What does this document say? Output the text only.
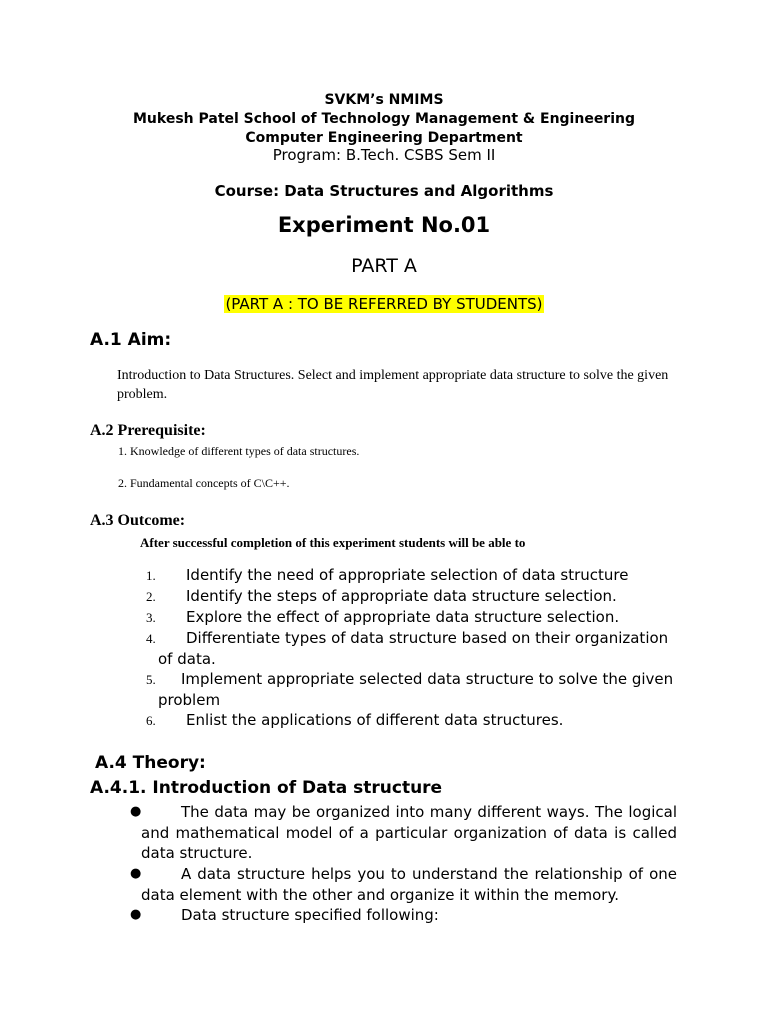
SVKM’s NMIMS
Mukesh Patel School of Technology Management & Engineering
Computer Engineering Department
Program: B.Tech. CSBS Sem II
Course: Data Structures and Algorithms
Experiment No.01
PART A
(PART A : TO BE REFERRED BY STUDENTS)
A.1 Aim:
Introduction to Data Structures. Select and implement appropriate data structure to solve the given problem.
A.2 Prerequisite:
1. Knowledge of different types of data structures.
2. Fundamental concepts of C\C++.
A.3 Outcome:
After successful completion of this experiment students will be able to
1. Identify the need of appropriate selection of data structure
2. Identify the steps of appropriate data structure selection.
3. Explore the effect of appropriate data structure selection.
4. Differentiate types of data structure based on their organization
of data.
5. Implement appropriate selected data structure to solve the given
problem
6. Enlist the applications of different data structures.
A.4 Theory:
A.4.1. Introduction of Data structure
●	The data may be organized into many different ways. The logical and mathematical model of a particular organization of data is called data structure.
●	A data structure helps you to understand the relationship of one data element with the other and organize it within the memory.
●	Data structure specified following:
